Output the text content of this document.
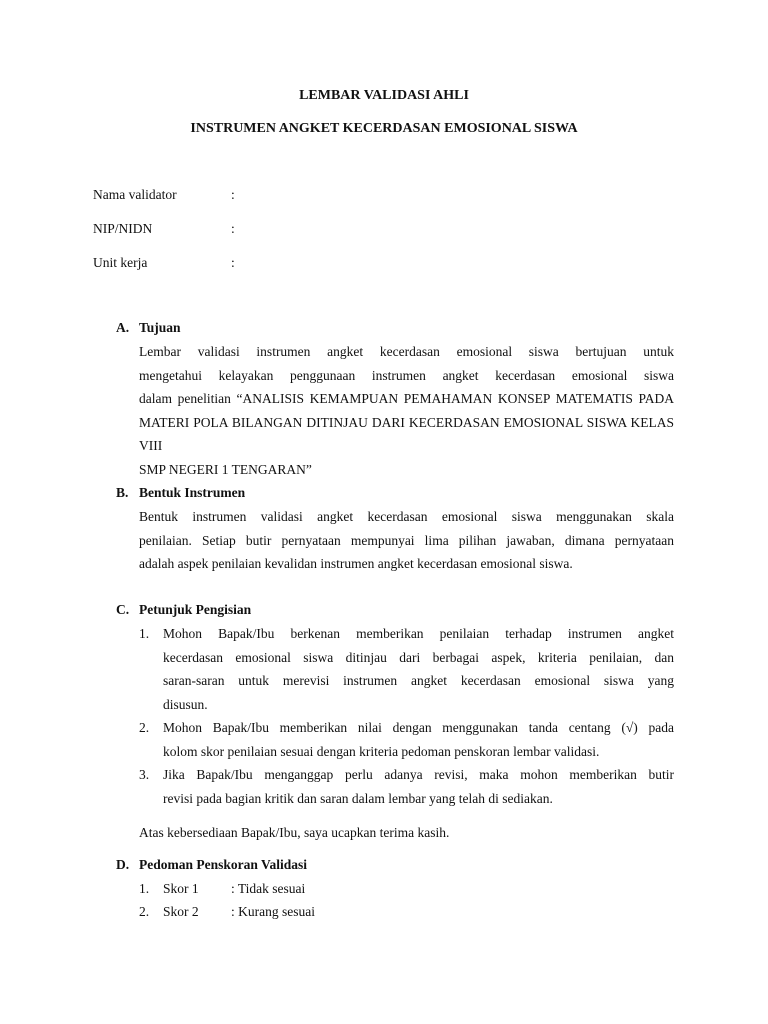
LEMBAR VALIDASI AHLI
INSTRUMEN ANGKET KECERDASAN EMOSIONAL SISWA
Nama validator	:
NIP/NIDN	:
Unit kerja	:
A. Tujuan
Lembar validasi instrumen angket kecerdasan emosional siswa bertujuan untuk
mengetahui kelayakan penggunaan instrumen angket kecerdasan emosional siswa
dalam penelitian “ANALISIS KEMAMPUAN PEMAHAMAN KONSEP MATEMATIS PADA
MATERI POLA BILANGAN DITINJAU DARI KECERDASAN EMOSIONAL SISWA KELAS VIII
SMP NEGERI 1 TENGARAN”
B. Bentuk Instrumen
Bentuk instrumen validasi angket kecerdasan emosional siswa menggunakan skala
penilaian. Setiap butir pernyataan mempunyai lima pilihan jawaban, dimana pernyataan
adalah aspek penilaian kevalidan instrumen angket kecerdasan emosional siswa.
C. Petunjuk Pengisian
1. Mohon Bapak/Ibu berkenan memberikan penilaian terhadap instrumen angket
kecerdasan emosional siswa ditinjau dari berbagai aspek, kriteria penilaian, dan
saran-saran untuk merevisi instrumen angket kecerdasan emosional siswa yang
disusun.
2. Mohon Bapak/Ibu memberikan nilai dengan menggunakan tanda centang (√) pada
kolom skor penilaian sesuai dengan kriteria pedoman penskoran lembar validasi.
3. Jika Bapak/Ibu menganggap perlu adanya revisi, maka mohon memberikan butir
revisi pada bagian kritik dan saran dalam lembar yang telah di sediakan.
Atas kebersediaan Bapak/Ibu, saya ucapkan terima kasih.
D. Pedoman Penskoran Validasi
1. Skor 1 : Tidak sesuai
2. Skor 2 : Kurang sesuai
